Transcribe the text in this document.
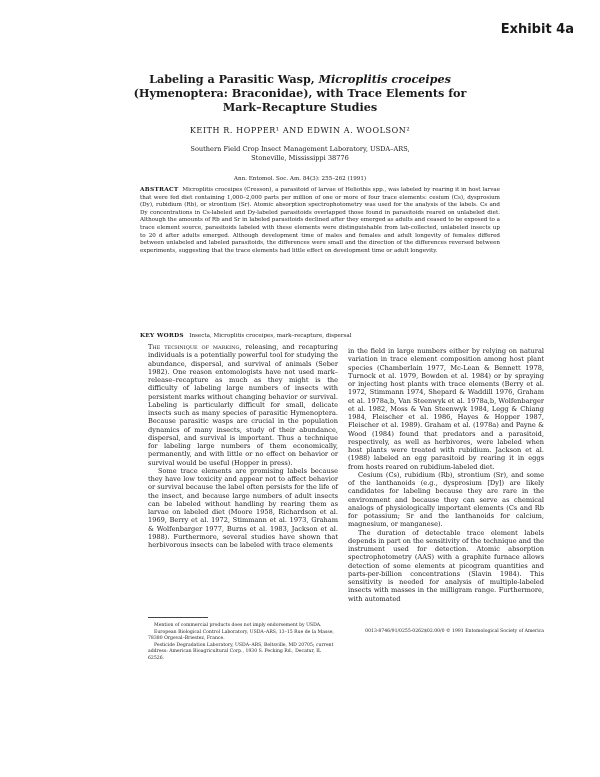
Exhibit 4a
Labeling a Parasitic Wasp, Microplitis croceipes
(Hymenoptera: Braconidae), with Trace Elements for
Mark–Recapture Studies
KEITH R. HOPPER¹ AND EDWIN A. WOOLSON²
Southern Field Crop Insect Management Laboratory, USDA–ARS,
Stoneville, Mississippi 38776
Ann. Entomol. Soc. Am. 84(3): 255–262 (1991)
ABSTRACT Microplitis croceipes (Cresson), a parasitoid of larvae of Heliothis spp., was labeled by rearing it in host larvae that were fed diet containing 1,000–2,000 parts per million of one or more of four trace elements: cesium (Cs), dysprosium (Dy), rubidium (Rb), or strontium (Sr). Atomic absorption spectrophotometry was used for the analysis of the labels. Cs and Dy concentrations in Cs-labeled and Dy-labeled parasitoids overlapped those found in parasitoids reared on unlabeled diet. Although the amounts of Rb and Sr in labeled parasitoids declined after they emerged as adults and ceased to be exposed to a trace element source, parasitoids labeled with these elements were distinguishable from lab-collected, unlabeled insects up to 20 d after adults emerged. Although development time of males and females and adult longevity of females differed between unlabeled and labeled parasitoids, the differences were small and the direction of the differences reversed between experiments, suggesting that the trace elements had little effect on development time or adult longevity.
KEY WORDS Insecta, Microplitis croceipes, mark–recapture, dispersal

The technique of marking, releasing, and recapturing individuals is a potentially powerful tool for studying the abundance, dispersal, and survival of animals (Seber 1982). One reason entomologists have not used mark–release–recapture as much as they might is the difficulty of labeling large numbers of insects with persistent marks without changing behavior or survival. Labeling is particularly difficult for small, delicate insects such as many species of parasitic Hymenoptera. Because parasitic wasps are crucial in the population dynamics of many insects, study of their abundance, dispersal, and survival is important. Thus a technique for labeling large numbers of them economically, permanently, and with little or no effect on behavior or survival would be useful (Hopper in press).

Some trace elements are promising labels because they have low toxicity and appear not to affect behavior or survival because the label often persists for the life of the insect, and because large numbers of adult insects can be labeled without handling by rearing them as larvae on labeled diet (Moore 1958, Richardson et al. 1969, Berry et al. 1972, Stimmann et al. 1973, Graham & Wolfenbarger 1977, Burns et al. 1983, Jackson et al. 1988). Furthermore, several studies have shown that herbivorous insects can be labeled with trace elements

in the field in large numbers either by relying on natural variation in trace element composition among host plant species (Chamberlain 1977, Mc-Lean & Bennett 1978, Turnock et al. 1979, Bowden et al. 1984) or by spraying or injecting host plants with trace elements (Berry et al. 1972, Stimmann 1974, Shepard & Waddill 1976, Graham et al. 1978a,b, Van Steenwyk et al. 1978a,b, Wolfenbarger et al. 1982, Moss & Van Steenwyk 1984, Legg & Chiang 1984, Fleischer et al. 1986, Hayes & Hopper 1987, Fleischer et al. 1989). Graham et al. (1978a) and Payne & Wood (1984) found that predators and a parasitoid, respectively, as well as herbivores, were labeled when host plants were treated with rubidium. Jackson et al. (1988) labeled an egg parasitoid by rearing it in eggs from hosts reared on rubidium-labeled diet.

Cesium (Cs), rubidium (Rb), strontium (Sr), and some of the lanthanoids (e.g., dysprosium [Dy]) are likely candidates for labeling because they are rare in the environment and because they can serve as chemical analogs of physiologically important elements (Cs and Rb for potassium; Sr and the lanthanoids for calcium, magnesium, or manganese).

The duration of detectable trace element labels depends in part on the sensitivity of the technique and the instrument used for detection. Atomic absorption spectrophotometry (AAS) with a graphite furnace allows detection of some elements at picogram quantities and parts-per-billion concentrations (Slavin 1984). This sensitivity is needed for analysis of multiple-labeled insects with masses in the milligram range. Furthermore, with automated

Mention of commercial products does not imply endorsement by USDA.

European Biological Control Laboratory, USDA–ARS, 13–15 Rue de la Masse, 78380 Orgeval–Briestez, France.

Pesticide Degradation Laboratory, USDA–ARS, Beltsville, MD 20705; current address: American Bioagricultural Corp., 1930 S. Pecking Rd., Decatur, IL 62526.

0013-8746/91/0255-0262$02.00/0 © 1991 Entomological Society of America
